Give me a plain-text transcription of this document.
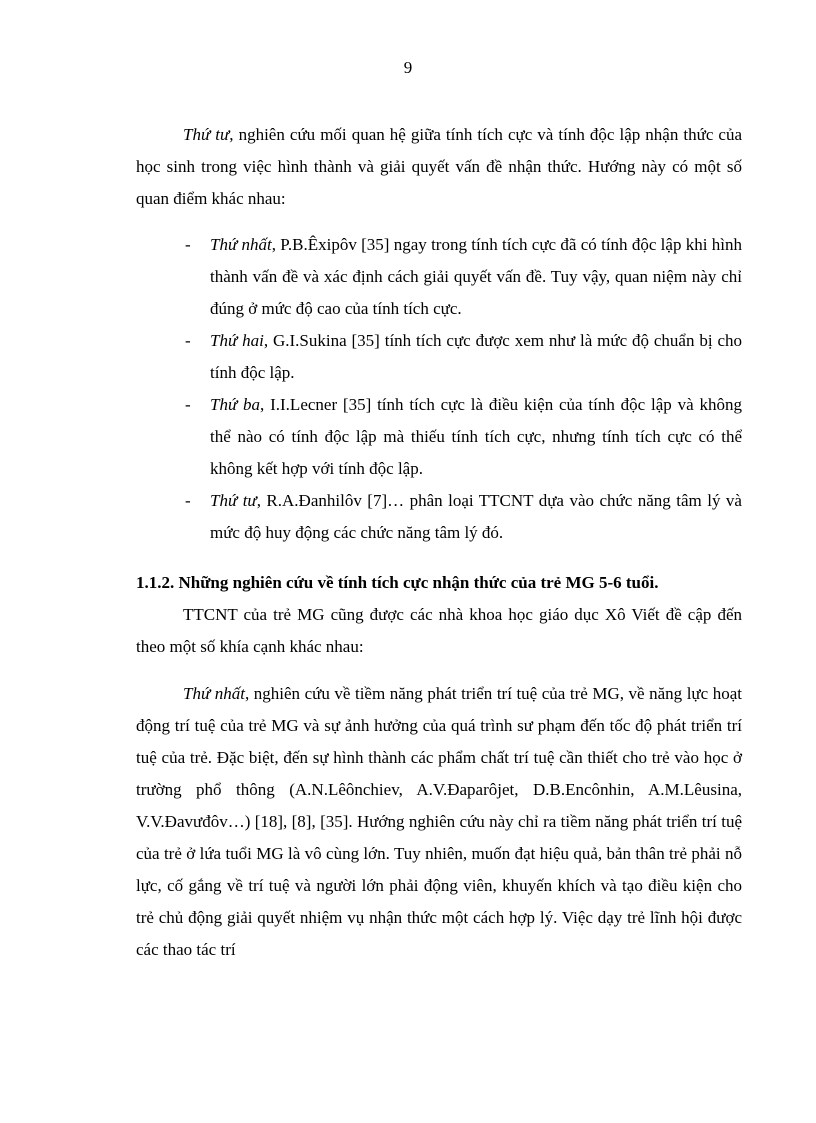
9

Thứ tư, nghiên cứu mối quan hệ giữa tính tích cực và tính độc lập nhận thức của học sinh trong việc hình thành và giải quyết vấn đề nhận thức. Hướng này có một số quan điểm khác nhau:

- Thứ nhất, P.B.Êxipôv [35] ngay trong tính tích cực đã có tính độc lập khi hình thành vấn đề và xác định cách giải quyết vấn đề. Tuy vậy, quan niệm này chỉ đúng ở mức độ cao của tính tích cực.
- Thứ hai, G.I.Sukina [35] tính tích cực được xem như là mức độ chuẩn bị cho tính độc lập.
- Thứ ba, I.I.Lecner [35] tính tích cực là điều kiện của tính độc lập và không thể nào có tính độc lập mà thiếu tính tích cực, nhưng tính tích cực có thể không kết hợp với tính độc lập.
- Thứ tư, R.A.Đanhilôv [7]… phân loại TTCNT dựa vào chức năng tâm lý và mức độ huy động các chức năng tâm lý đó.

1.1.2. Những nghiên cứu về tính tích cực nhận thức của trẻ MG 5-6 tuổi.

TTCNT của trẻ MG cũng được các nhà khoa học giáo dục Xô Viết đề cập đến theo một số khía cạnh khác nhau:

Thứ nhất, nghiên cứu về tiềm năng phát triển trí tuệ của trẻ MG, về năng lực hoạt động trí tuệ của trẻ MG và sự ảnh hưởng của quá trình sư phạm đến tốc độ phát triển trí tuệ của trẻ. Đặc biệt, đến sự hình thành các phẩm chất trí tuệ cần thiết cho trẻ vào học ở trường phổ thông (A.N.Lêônchiev, A.V.Đaparôjet, D.B.Encônhin, A.M.Lêusina, V.V.Đavưđôv…) [18], [8], [35]. Hướng nghiên cứu này chỉ ra tiềm năng phát triển trí tuệ của trẻ ở lứa tuổi MG là vô cùng lớn. Tuy nhiên, muốn đạt hiệu quả, bản thân trẻ phải nỗ lực, cố gắng về trí tuệ và người lớn phải động viên, khuyến khích và tạo điều kiện cho trẻ chủ động giải quyết nhiệm vụ nhận thức một cách hợp lý. Việc dạy trẻ lĩnh hội được các thao tác trí
